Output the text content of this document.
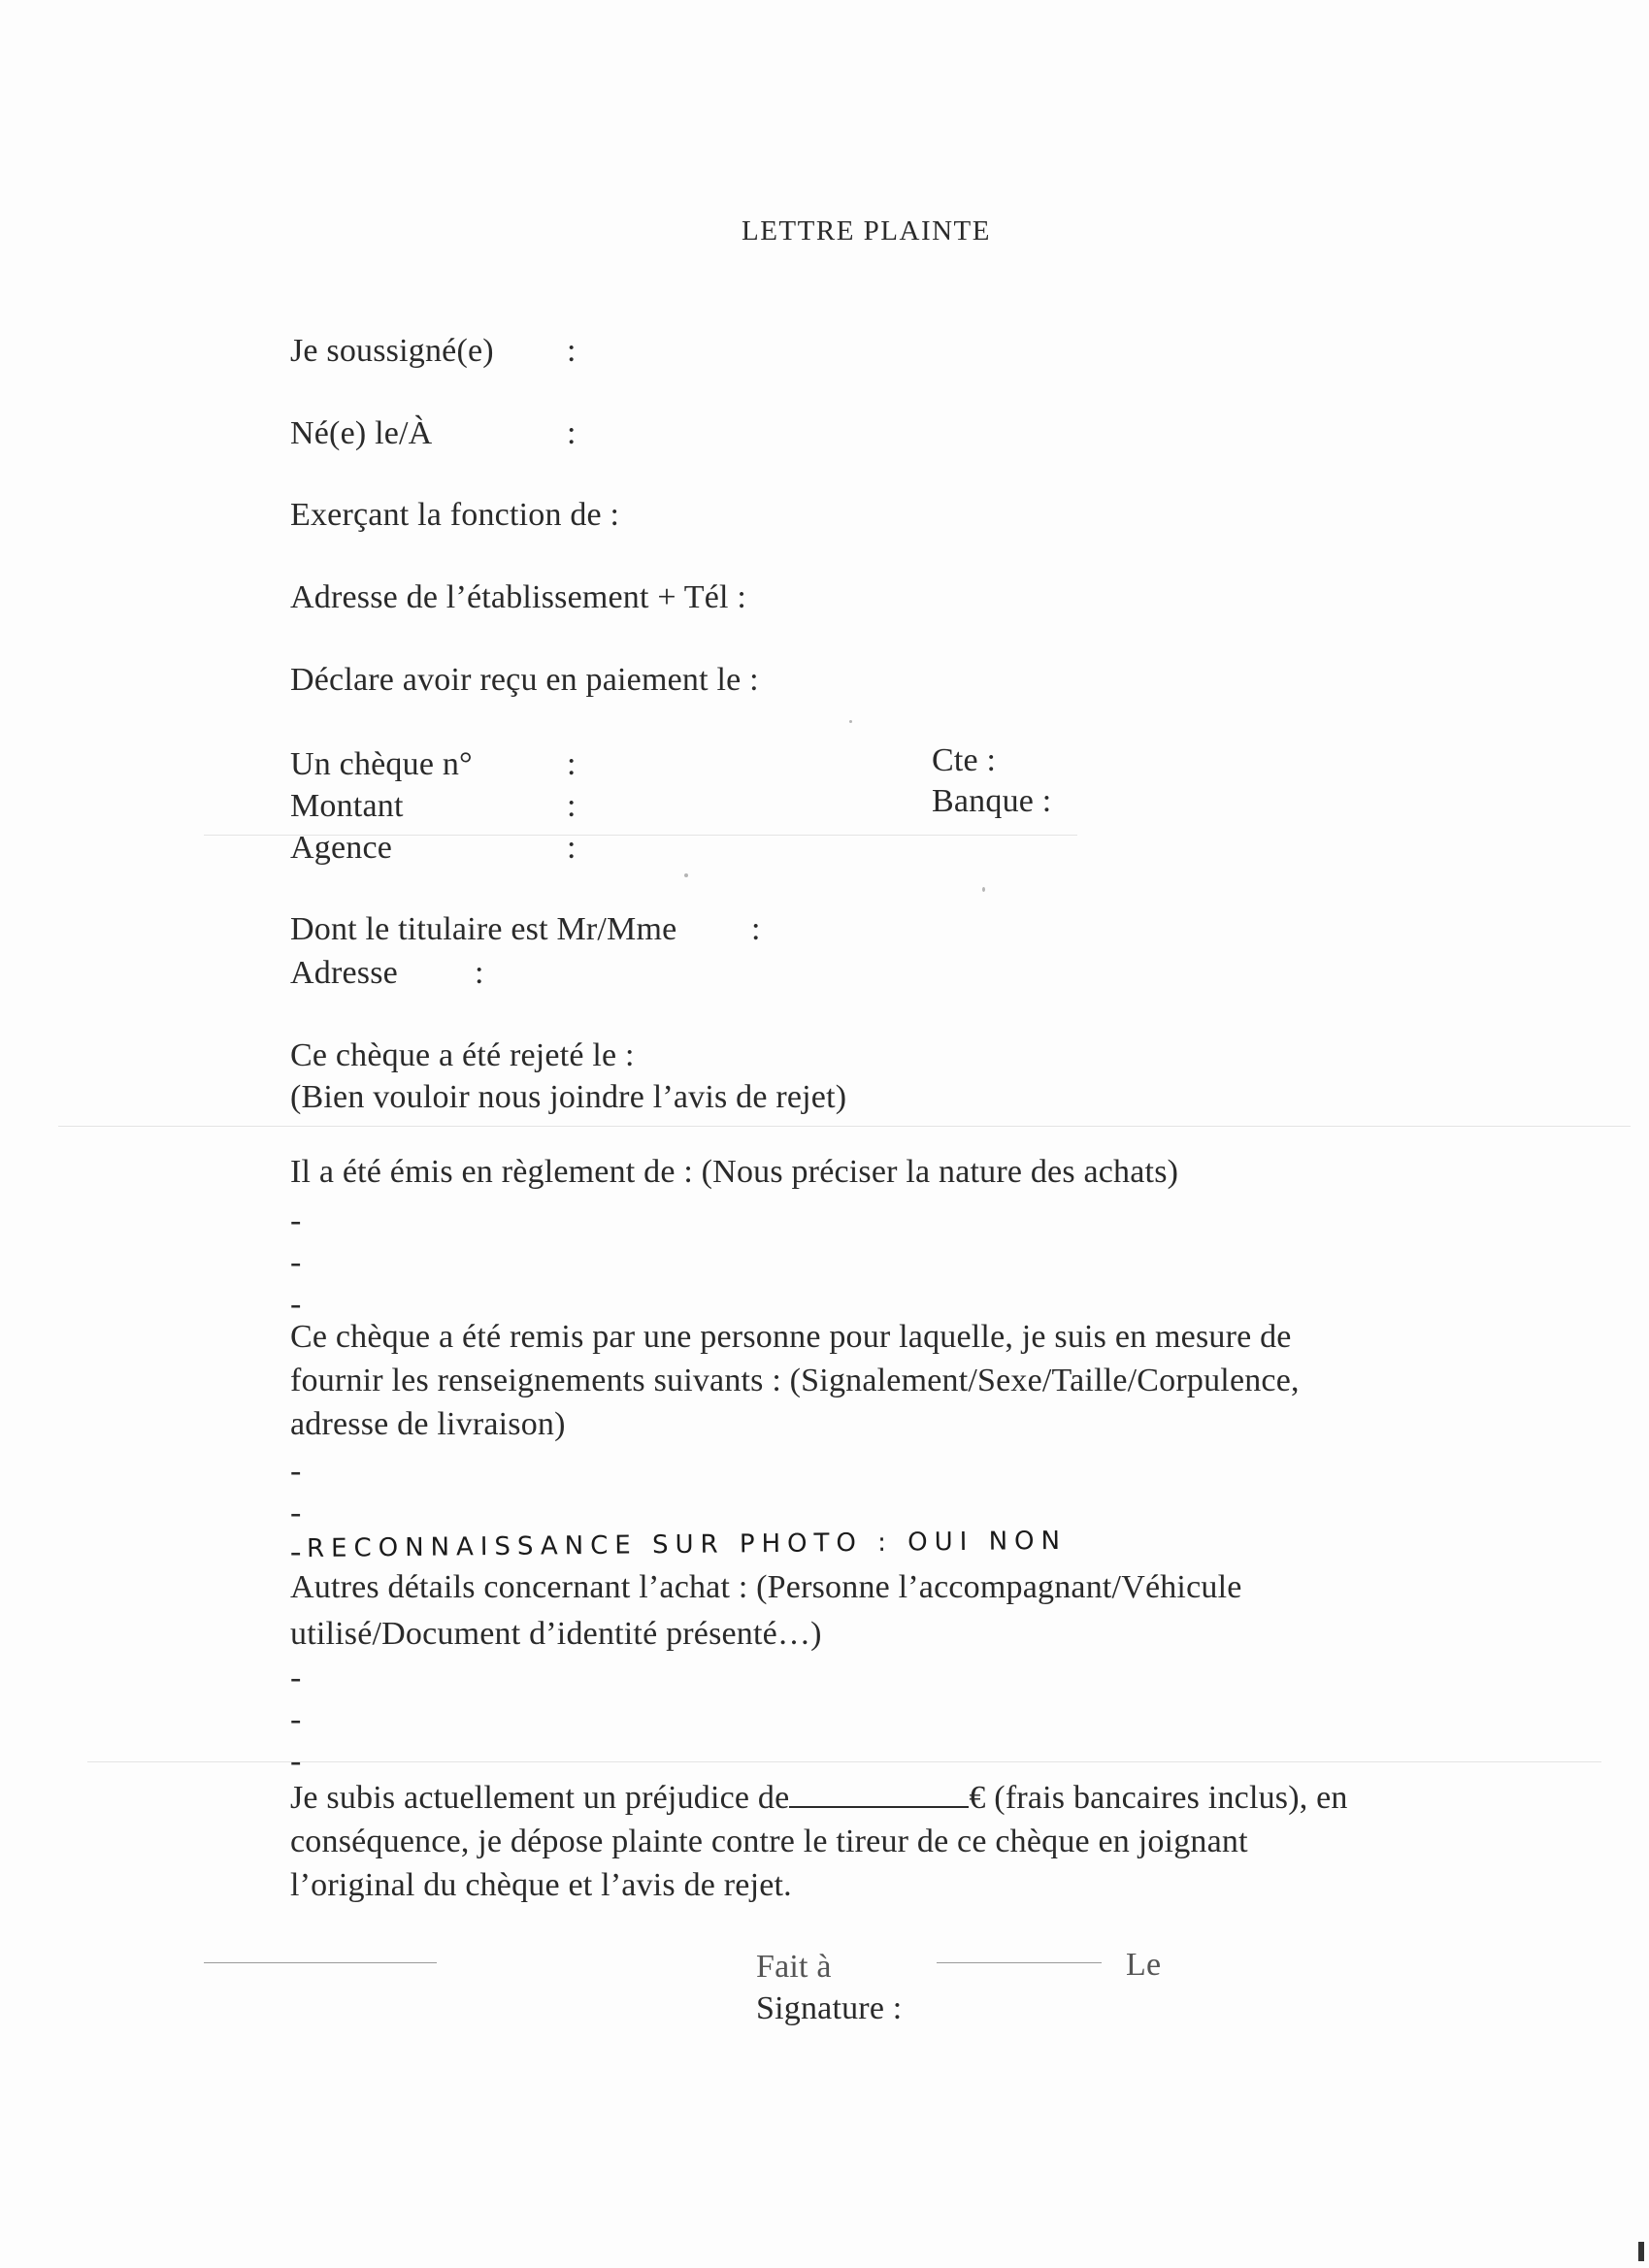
LETTRE PLAINTE
Je soussigné(e) :
Né(e) le/À	:
Exerçant la fonction de :
Adresse de l’établissement + Tél :
Déclare avoir reçu en paiement le :
Un chèque n°	:	Cte :
Montant	:	Banque :
Agence	:
Dont le titulaire est Mr/Mme :
Adresse :
Ce chèque a été rejeté le :
(Bien vouloir nous joindre l’avis de rejet)
Il a été émis en règlement de : (Nous préciser la nature des achats)
-
-
-
Ce chèque a été remis par une personne pour laquelle, je suis en mesure de
fournir les renseignements suivants : (Signalement/Sexe/Taille/Corpulence,
adresse de livraison)
-
-
- RECONNAISSANCE SUR PHOTO : OUI NON
Autres détails concernant l’achat : (Personne l’accompagnant/Véhicule
utilisé/Document d’identité présenté…)
-
-
-
Je subis actuellement un préjudice de	€ (frais bancaires inclus), en
conséquence, je dépose plainte contre le tireur de ce chèque en joignant
l’original du chèque et l’avis de rejet.
Fait à	Le
Signature :
